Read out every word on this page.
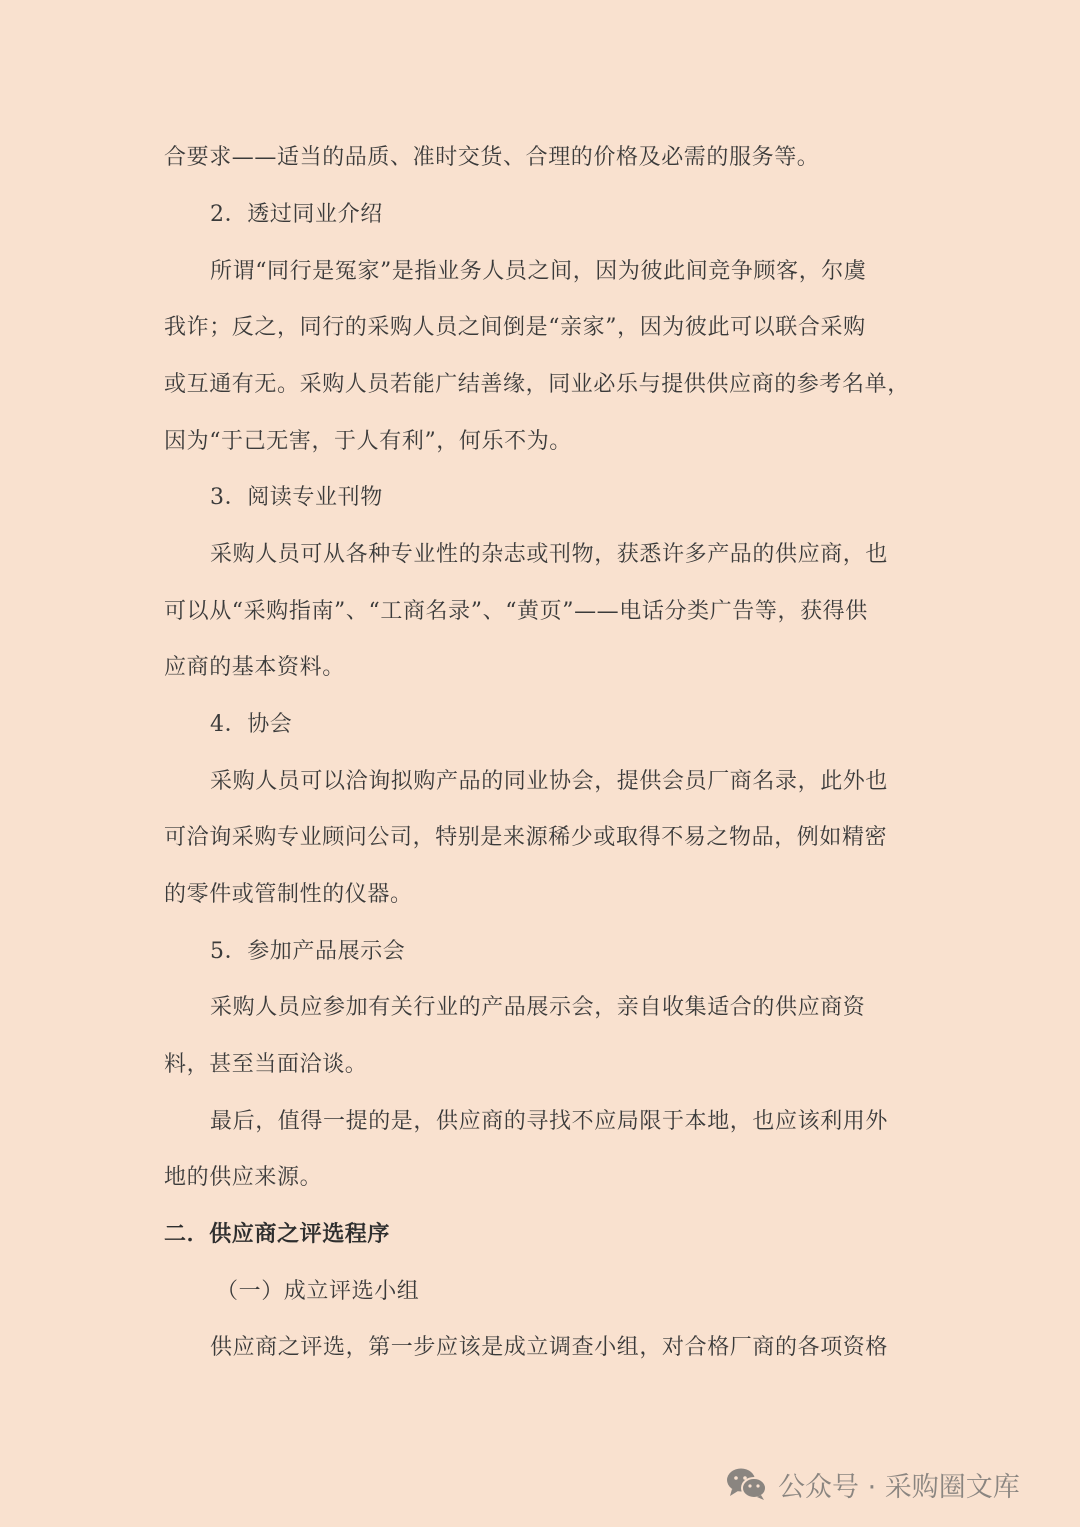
合要求——适当的品质、准时交货、合理的价格及必需的服务等。
2．透过同业介绍
所谓“同行是冤家”是指业务人员之间，因为彼此间竞争顾客，尔虞
我诈；反之，同行的采购人员之间倒是“亲家”，因为彼此可以联合采购
或互通有无。采购人员若能广结善缘，同业必乐与提供供应商的参考名单，
因为“于己无害，于人有利”，何乐不为。
3．阅读专业刊物
采购人员可从各种专业性的杂志或刊物，获悉许多产品的供应商，也
可以从“采购指南”、“工商名录”、“黄页”——电话分类广告等，获得供
应商的基本资料。
4．协会
采购人员可以洽询拟购产品的同业协会，提供会员厂商名录，此外也
可洽询采购专业顾问公司，特别是来源稀少或取得不易之物品，例如精密
的零件或管制性的仪器。
5．参加产品展示会
采购人员应参加有关行业的产品展示会，亲自收集适合的供应商资
料，甚至当面洽谈。
最后，值得一提的是，供应商的寻找不应局限于本地，也应该利用外
地的供应来源。
二．供应商之评选程序
（一）成立评选小组
供应商之评选，第一步应该是成立调查小组，对合格厂商的各项资格
公众号 · 采购圈文库
